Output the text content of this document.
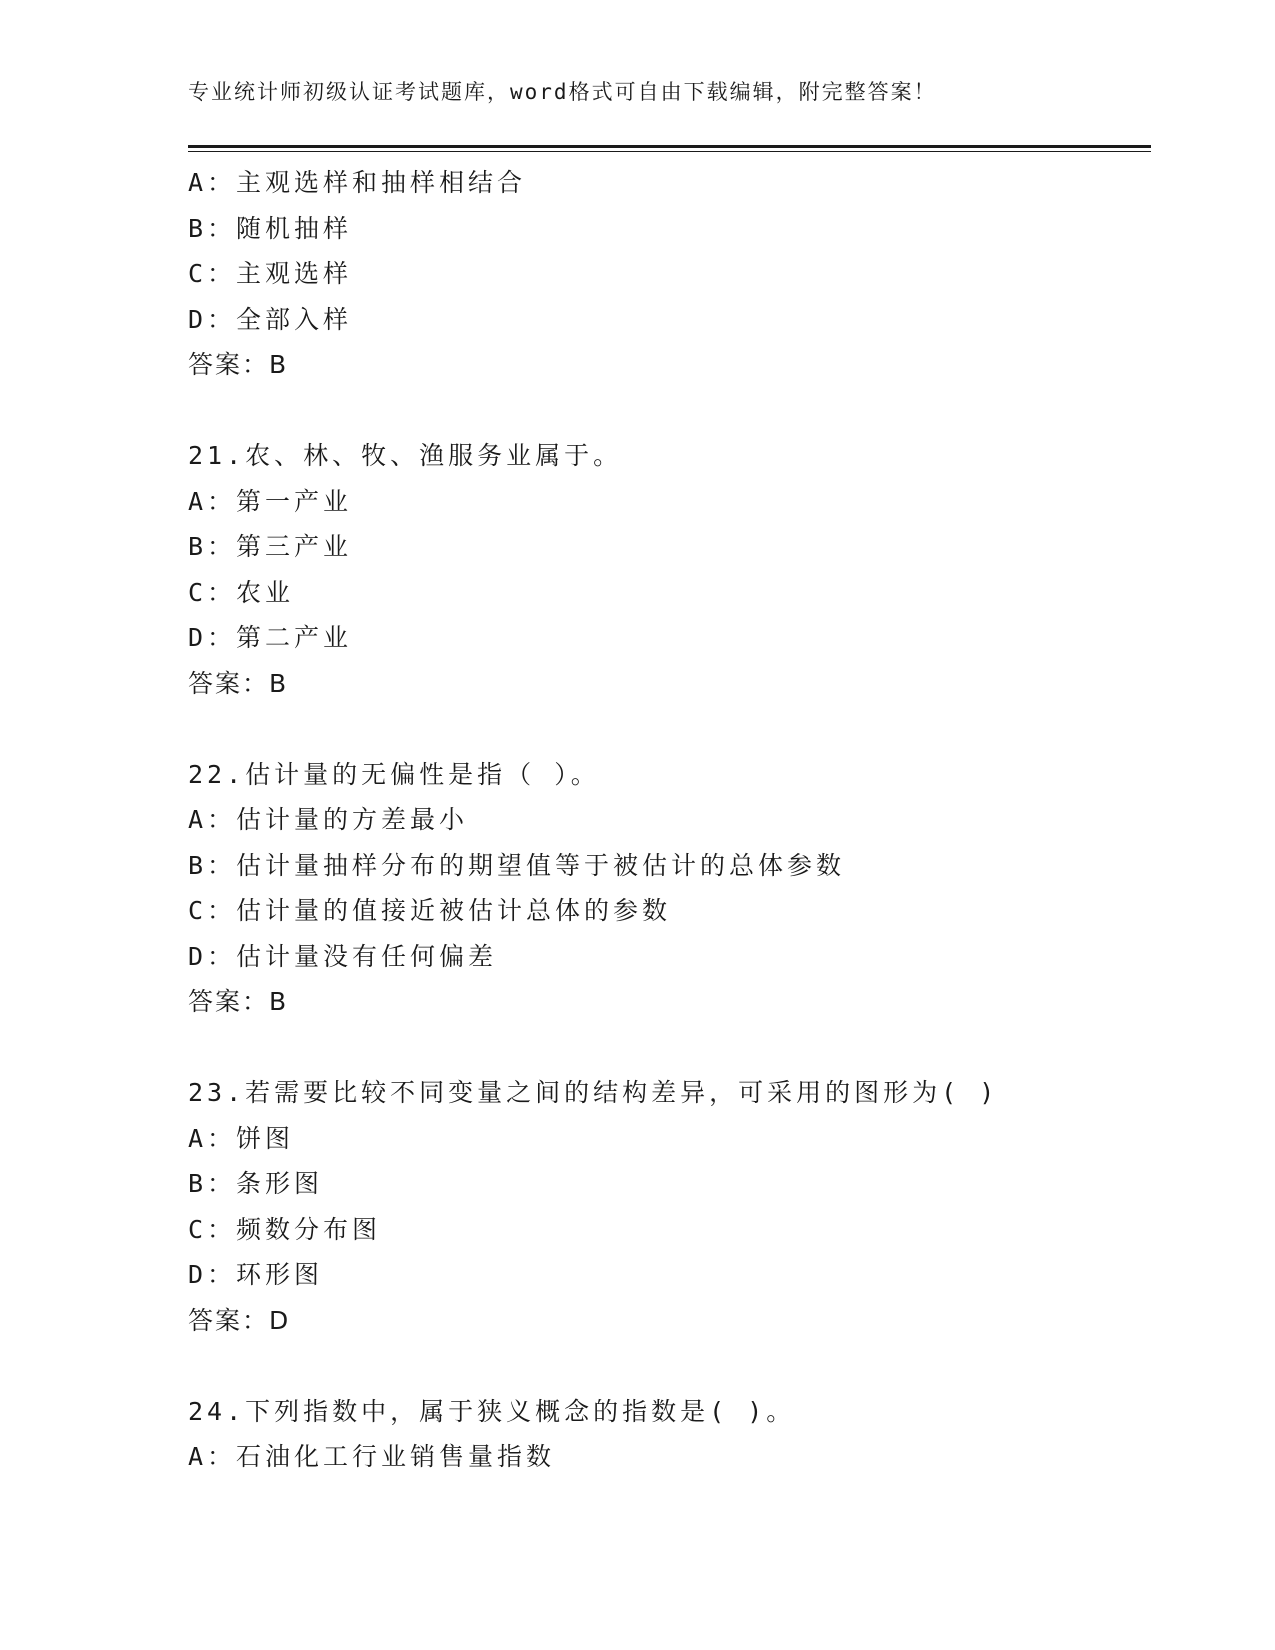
专业统计师初级认证考试题库，word格式可自由下载编辑，附完整答案！
A：主观选样和抽样相结合
B：随机抽样
C：主观选样
D：全部入样
答案：B
21.农、林、牧、渔服务业属于。
A：第一产业
B：第三产业
C：农业
D：第二产业
答案：B
22.估计量的无偏性是指（ ）。
A：估计量的方差最小
B：估计量抽样分布的期望值等于被估计的总体参数
C：估计量的值接近被估计总体的参数
D：估计量没有任何偏差
答案：B
23.若需要比较不同变量之间的结构差异，可采用的图形为( )
A：饼图
B：条形图
C：频数分布图
D：环形图
答案：D
24.下列指数中，属于狭义概念的指数是( )。
A：石油化工行业销售量指数
